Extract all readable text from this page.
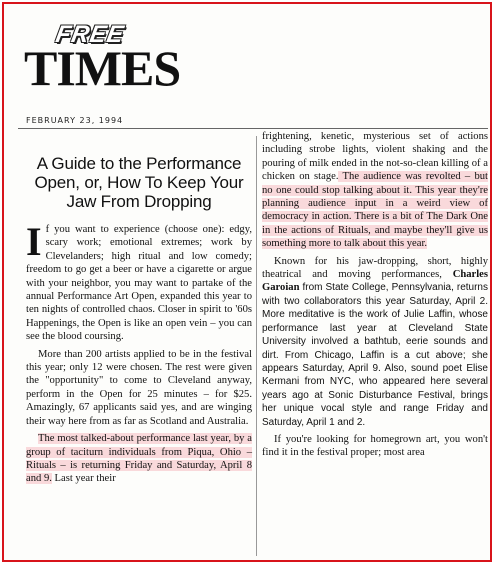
FREE
TIMES
FEBRUARY 23, 1994
A Guide to the Performance Open, or, How To Keep Your Jaw From Dropping

If you want to experience (choose one): edgy, scary work; emotional extremes; work by Clevelanders; high ritual and low comedy; freedom to go get a beer or have a cigarette or argue with your neighbor, you may want to partake of the annual Performance Art Open, expanded this year to ten nights of controlled chaos. Closer in spirit to '60s Happenings, the Open is like an open vein – you can see the blood coursing.

More than 200 artists applied to be in the festival this year; only 12 were chosen. The rest were given the "opportunity" to come to Cleveland anyway, perform in the Open for 25 minutes – for $25. Amazingly, 67 applicants said yes, and are winging their way here from as far as Scotland and Australia.

The most talked-about performance last year, by a group of taciturn individuals from Piqua, Ohio – Rituals – is returning Friday and Saturday, April 8 and 9. Last year their

frightening, kenetic, mysterious set of actions including strobe lights, violent shaking and the pouring of milk ended in the not-so-clean killing of a chicken on stage. The audience was revolted – but no one could stop talking about it. This year they're planning audience input in a weird view of democracy in action. There is a bit of The Dark One in the actions of Rituals, and maybe they'll give us something more to talk about this year.

Known for his jaw-dropping, short, highly theatrical and moving performances, Charles Garoian from State College, Pennsylvania, returns with two collaborators this year Saturday, April 2. More meditative is the work of Julie Laffin, whose performance last year at Cleveland State University involved a bathtub, eerie sounds and dirt. From Chicago, Laffin is a cut above; she appears Saturday, April 9. Also, sound poet Elise Kermani from NYC, who appeared here several years ago at Sonic Disturbance Festival, brings her unique vocal style and range Friday and Saturday, April 1 and 2.

If you're looking for homegrown art, you won't find it in the festival proper; most area
